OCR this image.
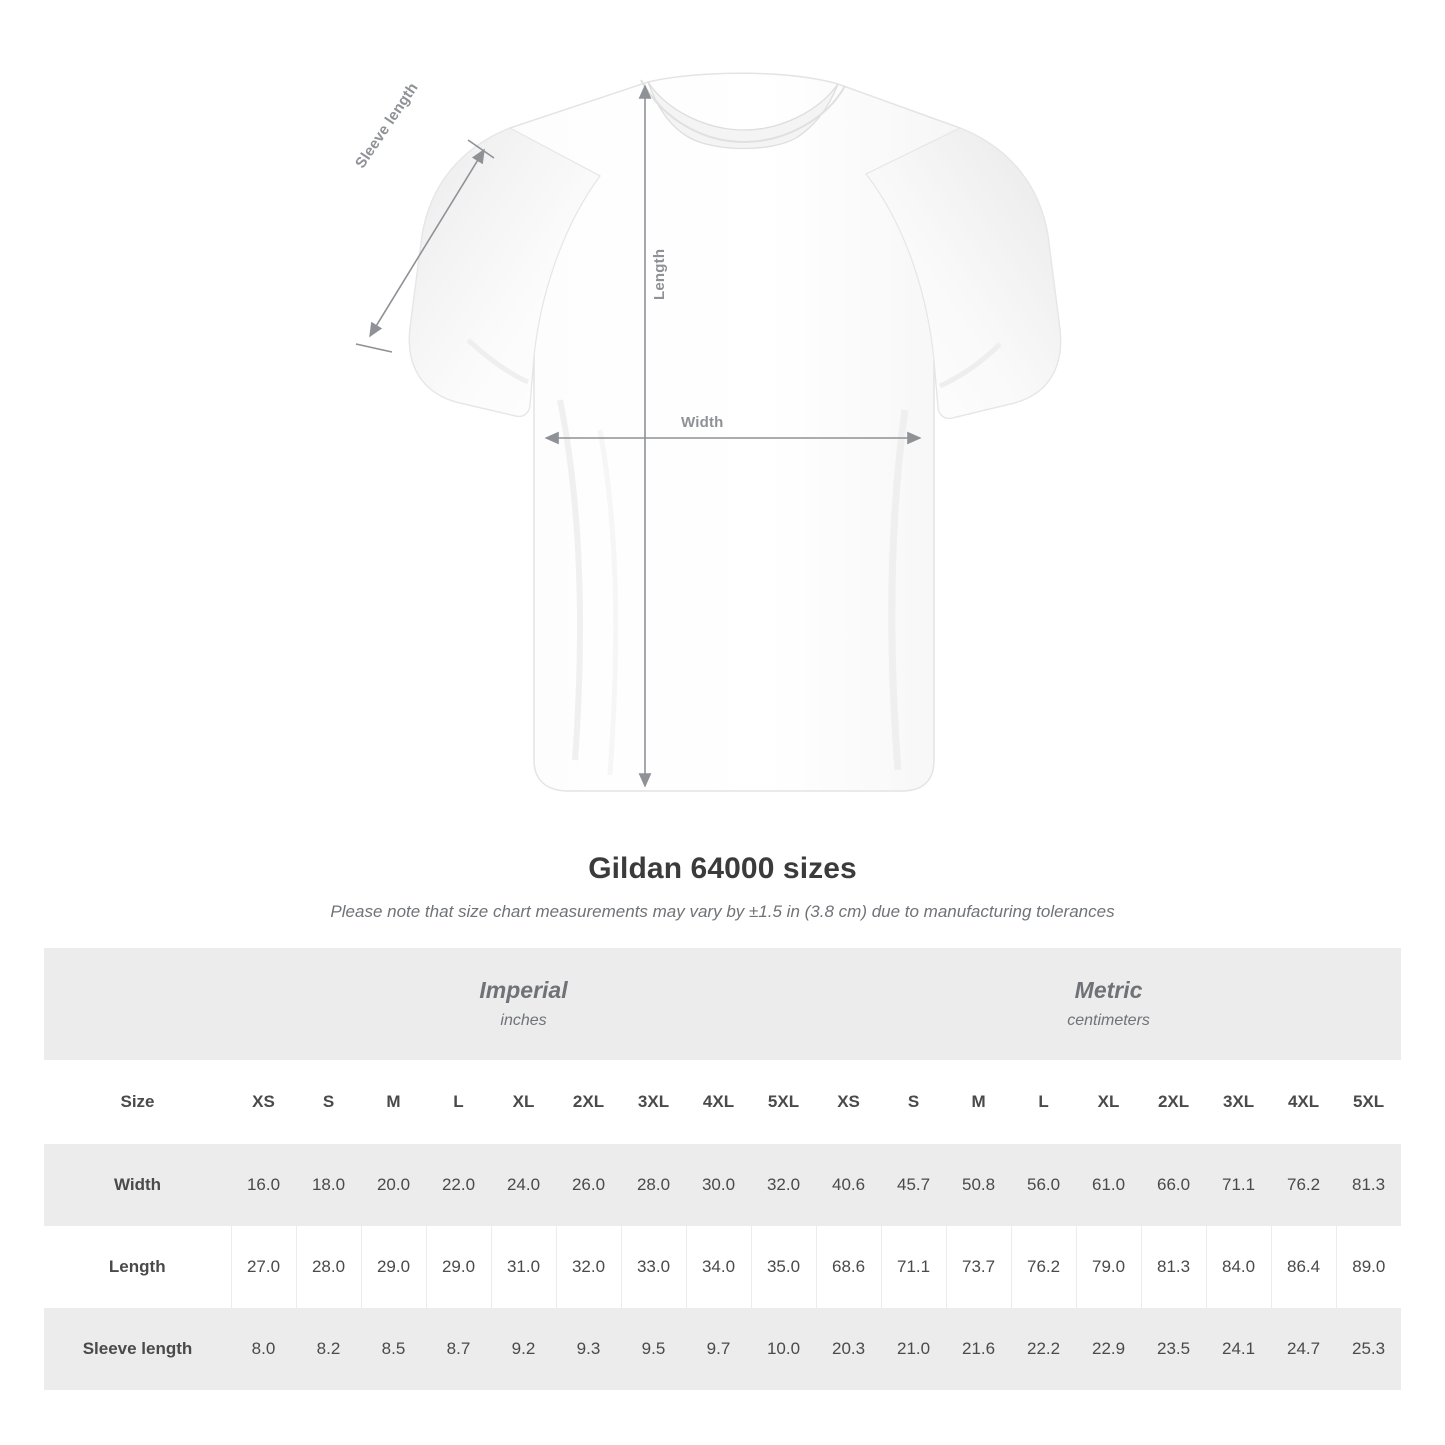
Sleeve length
Length
Width
Gildan 64000 sizes

Please note that size chart measurements may vary by ±1.5 in (3.8 cm) due to manufacturing tolerances

Imperial
inches

Metric
centimeters

Size	XS	S	M	L	XL	2XL	3XL	4XL	5XL	XS	S	M	L	XL	2XL	3XL	4XL	5XL
Width	16.0	18.0	20.0	22.0	24.0	26.0	28.0	30.0	32.0	40.6	45.7	50.8	56.0	61.0	66.0	71.1	76.2	81.3
Length	27.0	28.0	29.0	29.0	31.0	32.0	33.0	34.0	35.0	68.6	71.1	73.7	76.2	79.0	81.3	84.0	86.4	89.0
Sleeve length	8.0	8.2	8.5	8.7	9.2	9.3	9.5	9.7	10.0	20.3	21.0	21.6	22.2	22.9	23.5	24.1	24.7	25.3
